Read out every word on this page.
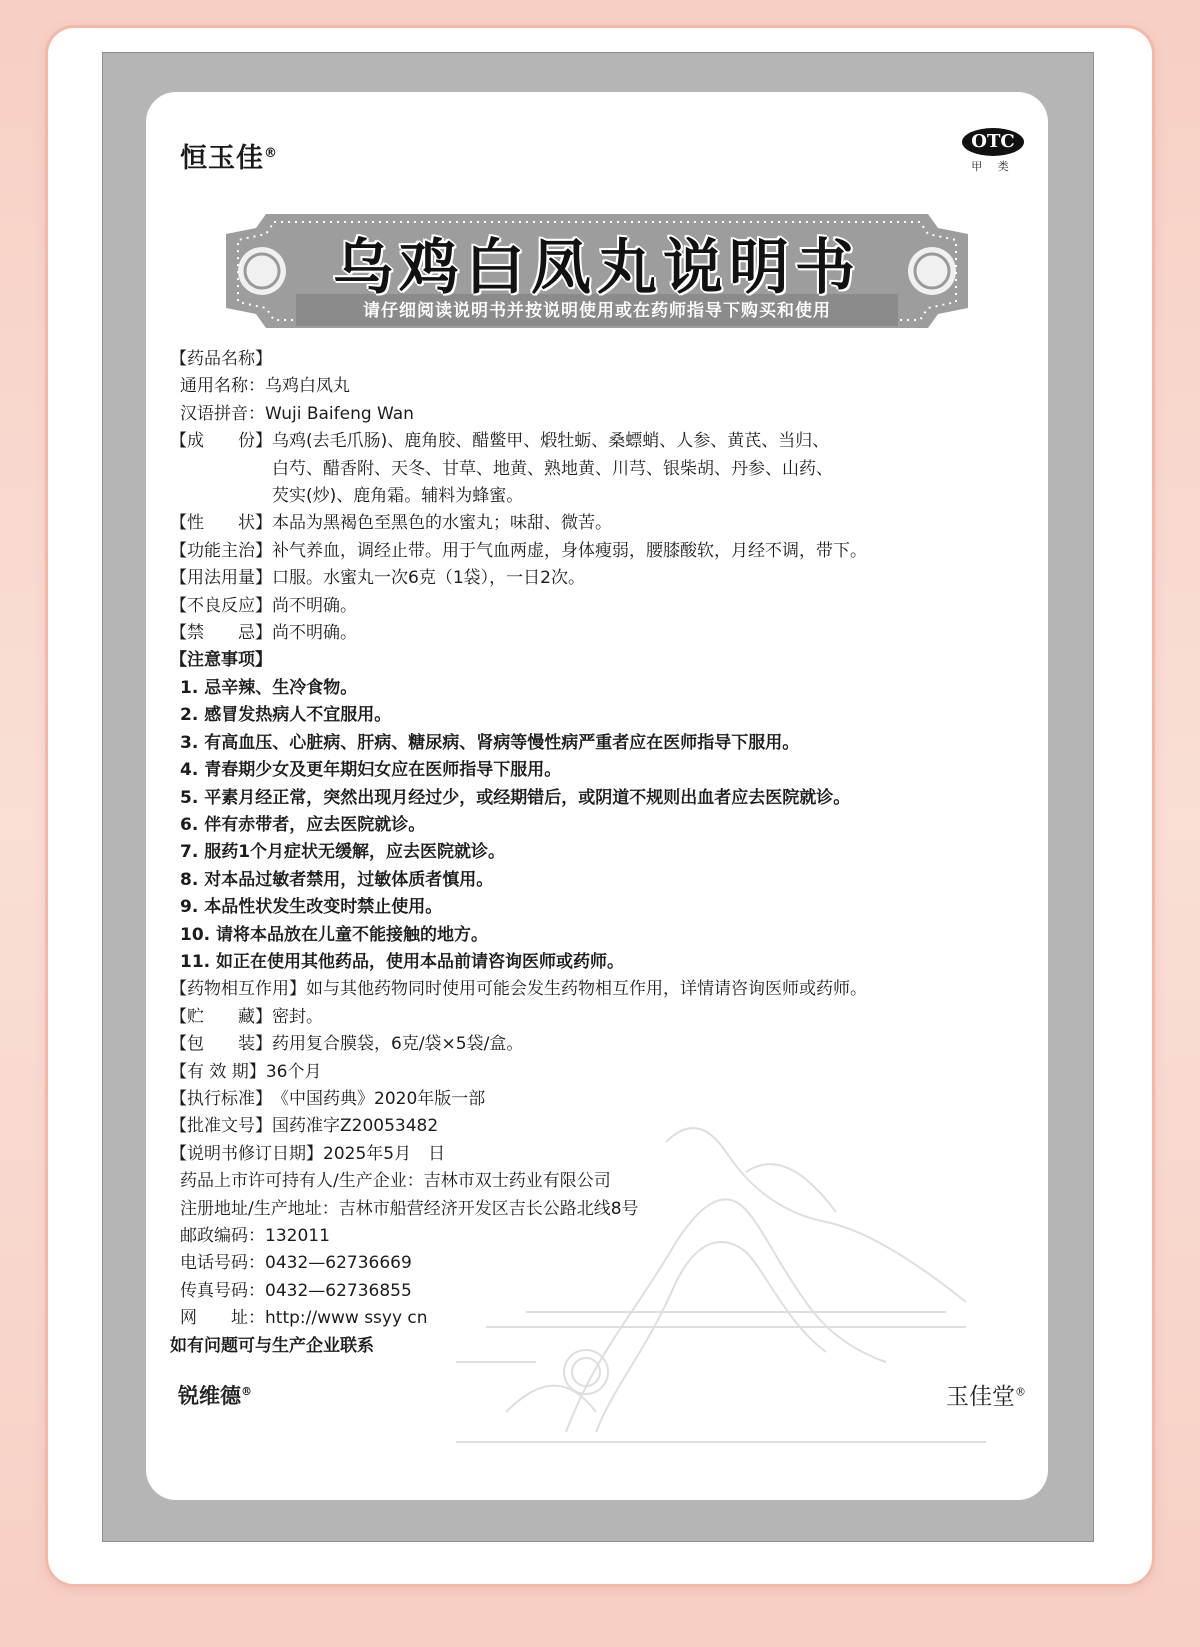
恒玉佳®
OTC
甲 类
乌鸡白凤丸说明书
请仔细阅读说明书并按说明使用或在药师指导下购买和使用
【药品名称】
通用名称： 乌鸡白凤丸
汉语拼音： Wuji Baifeng Wan
【成　　份】 乌鸡(去毛爪肠)、鹿角胶、醋鳖甲、煅牡蛎、桑螵蛸、人参、黄芪、当归、
白芍、醋香附、天冬、甘草、地黄、熟地黄、川芎、银柴胡、丹参、山药、
芡实(炒)、鹿角霜。辅料为蜂蜜。
【性　　状】 本品为黑褐色至黑色的水蜜丸；味甜、微苦。
【功能主治】 补气养血，调经止带。用于气血两虚，身体瘦弱，腰膝酸软，月经不调，带下。
【用法用量】 口服。水蜜丸一次6克（1袋），一日2次。
【不良反应】 尚不明确。
【禁　　忌】 尚不明确。
【注意事项】
1. 忌辛辣、生冷食物。
2. 感冒发热病人不宜服用。
3. 有高血压、心脏病、肝病、糖尿病、肾病等慢性病严重者应在医师指导下服用。
4. 青春期少女及更年期妇女应在医师指导下服用。
5. 平素月经正常，突然出现月经过少，或经期错后，或阴道不规则出血者应去医院就诊。
6. 伴有赤带者，应去医院就诊。
7. 服药1个月症状无缓解，应去医院就诊。
8. 对本品过敏者禁用，过敏体质者慎用。
9. 本品性状发生改变时禁止使用。
10. 请将本品放在儿童不能接触的地方。
11. 如正在使用其他药品，使用本品前请咨询医师或药师。
【药物相互作用】 如与其他药物同时使用可能会发生药物相互作用，详情请咨询医师或药师。
【贮　　藏】 密封。
【包　　装】 药用复合膜袋，6克/袋×5袋/盒。
【有 效 期】 36个月
【执行标准】 《中国药典》2020年版一部
【批准文号】 国药准字Z20053482
【说明书修订日期】 2025年5月　日
药品上市许可持有人/生产企业： 吉林市双士药业有限公司
注册地址/生产地址： 吉林市船营经济开发区吉长公路北线8号
邮政编码： 132011
电话号码： 0432—62736669
传真号码： 0432—62736855
网　　址： http://www ssyy cn
如有问题可与生产企业联系
锐维德®	玉佳堂®
